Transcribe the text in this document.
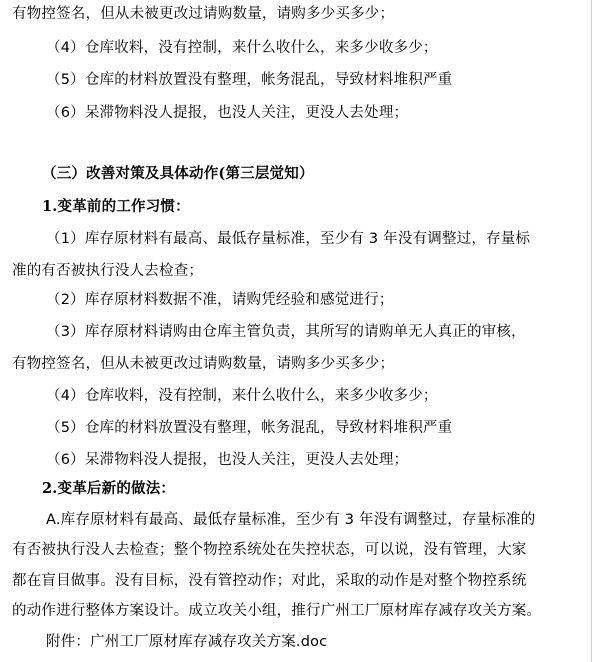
有物控签名，但从未被更改过请购数量，请购多少买多少；
（4）仓库收料，没有控制，来什么收什么，来多少收多少；
（5）仓库的材料放置没有整理，帐务混乱，导致材料堆积严重
（6）呆滞物料没人提报，也没人关注，更没人去处理；
（三）改善对策及具体动作(第三层觉知）
1.变革前的工作习惯：
（1）库存原材料有最高、最低存量标准，至少有 3 年没有调整过，存量标
准的有否被执行没人去检查；
（2）库存原材料数据不准，请购凭经验和感觉进行；
（3）库存原材料请购由仓库主管负责，其所写的请购单无人真正的审核，
有物控签名，但从未被更改过请购数量，请购多少买多少；
（4）仓库收料，没有控制，来什么收什么，来多少收多少；
（5）仓库的材料放置没有整理，帐务混乱，导致材料堆积严重
（6）呆滞物料没人提报，也没人关注，更没人去处理；
2.变革后新的做法：
A.库存原材料有最高、最低存量标准，至少有 3 年没有调整过，存量标准的
有否被执行没人去检查；整个物控系统处在失控状态，可以说，没有管理，大家
都在盲目做事。没有目标，没有管控动作；对此，采取的动作是对整个物控系统
的动作进行整体方案设计。成立攻关小组，推行广州工厂原材库存减存攻关方案。
附件：广州工厂原材库存减存攻关方案.doc
